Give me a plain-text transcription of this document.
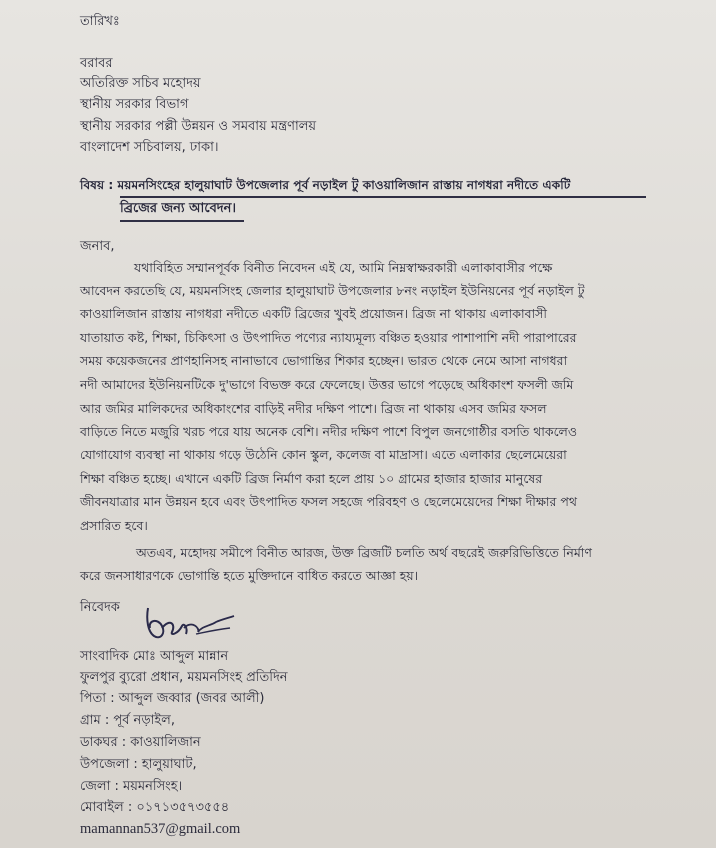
তারিখঃ
বরাবর
অতিরিক্ত সচিব মহোদয়
স্থানীয় সরকার বিভাগ
স্থানীয় সরকার পল্লী উন্নয়ন ও সমবায় মন্ত্রণালয়
বাংলাদেশ সচিবালয়, ঢাকা।
বিষয় : ময়মনসিংহের হালুয়াঘাট উপজেলার পূর্ব নড়াইল টু কাওয়ালিজান রাস্তায় নাগধরা নদীতে একটি
ব্রিজের জন্য আবেদন।
জনাব,
যথাবিহিত সম্মানপূর্বক বিনীত নিবেদন এই যে, আমি নিম্নস্বাক্ষরকারী এলাকাবাসীর পক্ষে
আবেদন করতেছি যে, ময়মনসিংহ জেলার হালুয়াঘাট উপজেলার ৮নং নড়াইল ইউনিয়নের পূর্ব নড়াইল টু
কাওয়ালিজান রাস্তায় নাগধরা নদীতে একটি ব্রিজের খুবই প্রয়োজন। ব্রিজ না থাকায় এলাকাবাসী
যাতায়াত কষ্ট, শিক্ষা, চিকিৎসা ও উৎপাদিত পণ্যের ন্যায্যমূল্য বঞ্চিত হওয়ার পাশাপাশি নদী পারাপারের
সময় কয়েকজনের প্রাণহানিসহ নানাভাবে ভোগান্তির শিকার হচ্ছেন। ভারত থেকে নেমে আসা নাগধরা
নদী আমাদের ইউনিয়নটিকে দু'ভাগে বিভক্ত করে ফেলেছে। উত্তর ভাগে পড়েছে অধিকাংশ ফসলী জমি
আর জমির মালিকদের অধিকাংশের বাড়িই নদীর দক্ষিণ পাশে। ব্রিজ না থাকায় এসব জমির ফসল
বাড়িতে নিতে মজুরি খরচ পরে যায় অনেক বেশি। নদীর দক্ষিণ পাশে বিপুল জনগোষ্ঠীর বসতি থাকলেও
যোগাযোগ ব্যবস্থা না থাকায় গড়ে উঠেনি কোন স্কুল, কলেজ বা মাদ্রাসা। এতে এলাকার ছেলেমেয়েরা
শিক্ষা বঞ্চিত হচ্ছে। এখানে একটি ব্রিজ নির্মাণ করা হলে প্রায় ১০ গ্রামের হাজার হাজার মানুষের
জীবনযাত্রার মান উন্নয়ন হবে এবং উৎপাদিত ফসল সহজে পরিবহণ ও ছেলেমেয়েদের শিক্ষা দীক্ষার পথ
প্রসারিত হবে।
অতএব, মহোদয় সমীপে বিনীত আরজ, উক্ত ব্রিজটি চলতি অর্থ বছরেই জরুরিভিত্তিতে নির্মাণ
করে জনসাধারণকে ভোগান্তি হতে মুক্তিদানে বাধিত করতে আজ্ঞা হয়।
নিবেদক
সাংবাদিক মোঃ আব্দুল মান্নান
ফুলপুর ব্যুরো প্রধান, ময়মনসিংহ প্রতিদিন
পিতা : আব্দুল জব্বার (জবর আলী)
গ্রাম : পূর্ব নড়াইল,
ডাকঘর : কাওয়ালিজান
উপজেলা : হালুয়াঘাট,
জেলা : ময়মনসিংহ।
মোবাইল : ০১৭১৩৫৭৩৫৫৪
mamannan537@gmail.com
